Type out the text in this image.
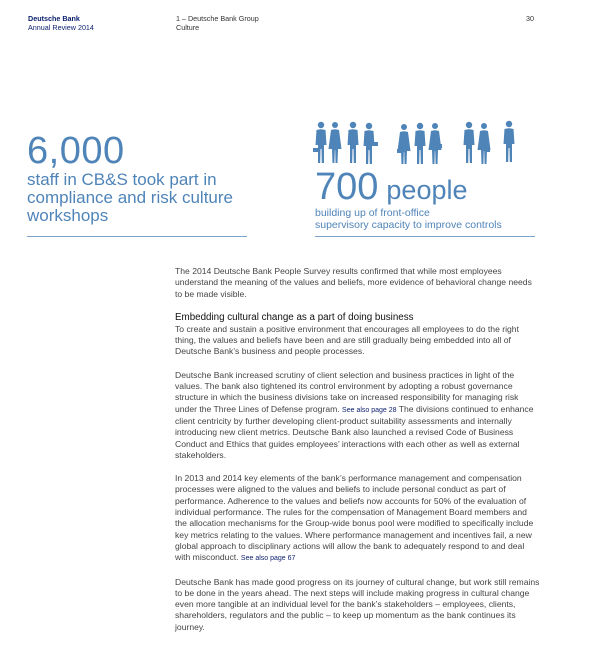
Deutsche Bank
Annual Review 2014
1 – Deutsche Bank Group
Culture
30
6,000
staff in CB&S took part in
compliance and risk culture
workshops
700 people
building up of front-office
supervisory capacity to improve controls

The 2014 Deutsche Bank People Survey results confirmed that while most employees understand the meaning of the values and beliefs, more evidence of behavioral change needs to be made visible.

Embedding cultural change as a part of doing business

To create and sustain a positive environment that encourages all employees to do the right thing, the values and beliefs have been and are still gradually being embedded into all of Deutsche Bank’s business and people processes.

Deutsche Bank increased scrutiny of client selection and business practices in light of the values. The bank also tightened its control environment by adopting a robust governance structure in which the business divisions take on increased responsibility for managing risk under the Three Lines of Defense program. See also page 28 The divisions continued to enhance client centricity by further developing client-product suitability assessments and internally introducing new client metrics. Deutsche Bank also launched a revised Code of Business Conduct and Ethics that guides employees’ interactions with each other as well as external stakeholders.

In 2013 and 2014 key elements of the bank’s performance management and compensation processes were aligned to the values and beliefs to include personal conduct as part of performance. Adherence to the values and beliefs now accounts for 50% of the evaluation of individual performance. The rules for the compensation of Management Board members and the allocation mechanisms for the Group-wide bonus pool were modified to specifically include key metrics relating to the values. Where performance management and incentives fail, a new global approach to disciplinary actions will allow the bank to adequately respond to and deal with misconduct. See also page 67

Deutsche Bank has made good progress on its journey of cultural change, but work still remains to be done in the years ahead. The next steps will include making progress in cultural change even more tangible at an individual level for the bank’s stakeholders – employees, clients, shareholders, regulators and the public – to keep up momentum as the bank continues its journey.
